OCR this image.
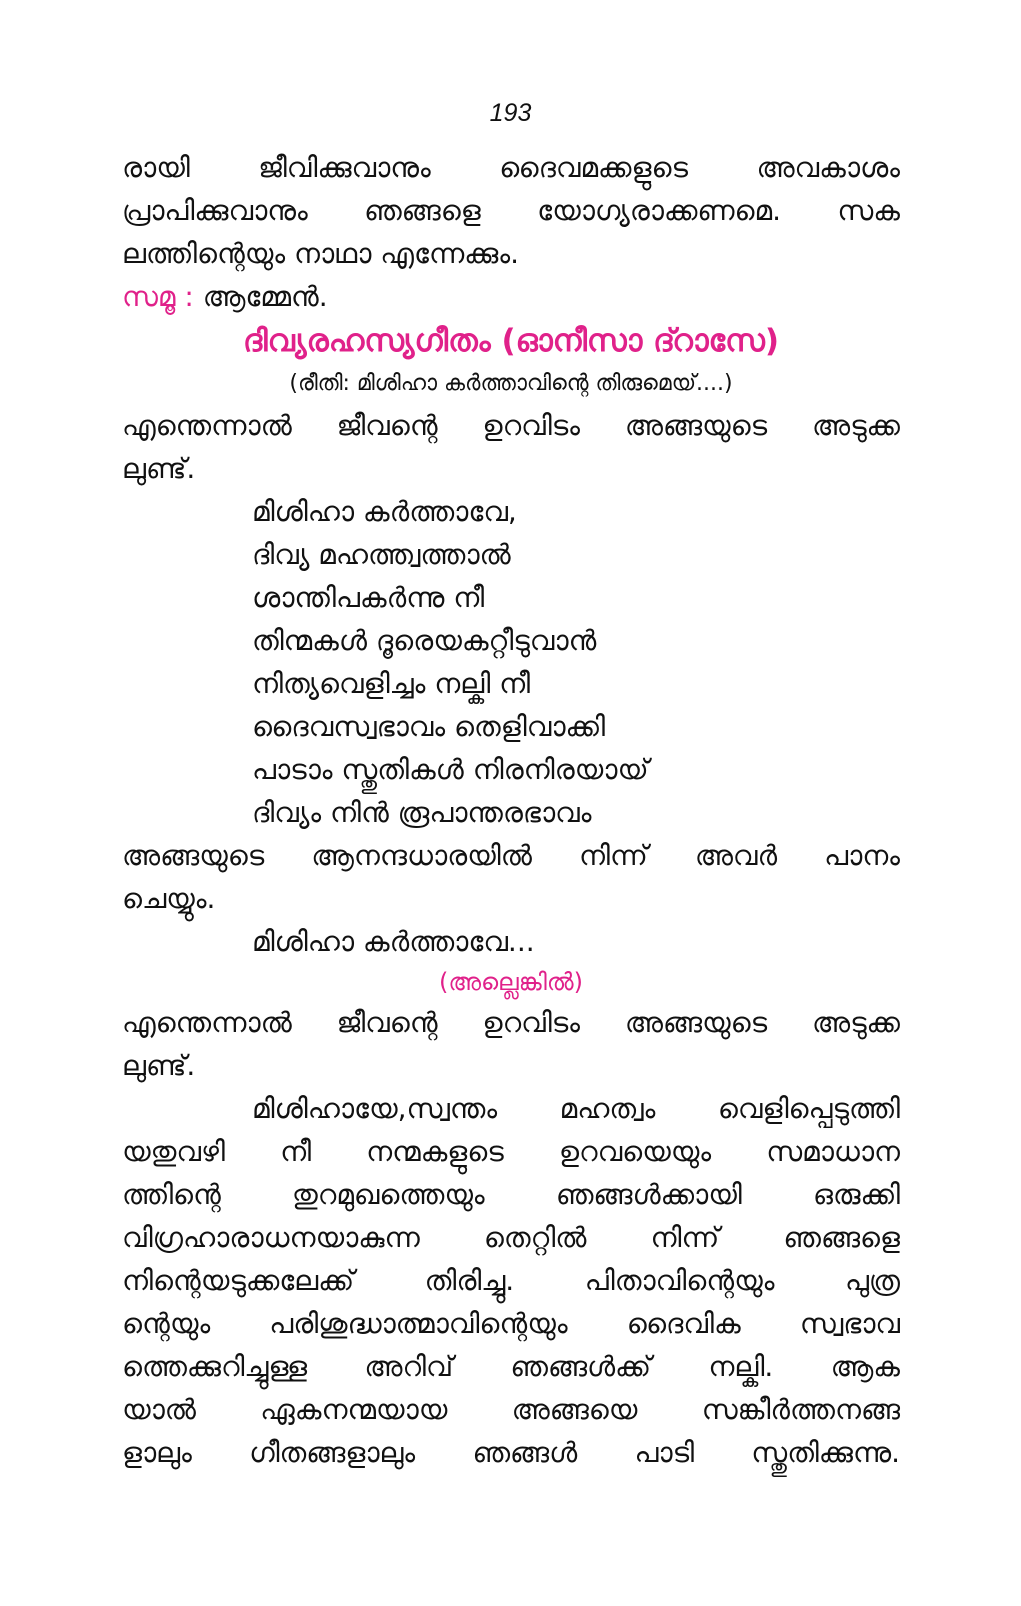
193
രായി ജീവിക്കുവാനും ദൈവമക്കളുടെ അവകാശം
പ്രാപിക്കുവാനും ഞങ്ങളെ യോഗ്യരാക്കണമെ. സക
ലത്തിന്റെയും നാഥാ എന്നേക്കും.
സമൂ : ആമ്മേൻ.
ദിവ്യരഹസ്യഗീതം (ഓനീസാ ദ്റാസേ)
(രീതി: മിശിഹാ കർത്താവിന്റെ തിരുമെയ്....)
എന്തെന്നാൽ ജീവന്റെ ഉറവിടം അങ്ങയുടെ അടുക്ക
ലുണ്ട്.
മിശിഹാ കർത്താവേ,
ദിവ്യ മഹത്ത്വത്താൽ
ശാന്തിപകർന്നു നീ
തിന്മകൾ ദൂരെയകറ്റീടുവാൻ
നിത്യവെളിച്ചം നല്കി നീ
ദൈവസ്വഭാവം തെളിവാക്കി
പാടാം സ്തുതികൾ നിരനിരയായ്
ദിവ്യം നിൻ രൂപാന്തരഭാവം
അങ്ങയുടെ ആനന്ദധാരയിൽ നിന്ന് അവർ പാനം
ചെയ്യും.
മിശിഹാ കർത്താവേ...
(അല്ലെങ്കിൽ)
എന്തെന്നാൽ ജീവന്റെ ഉറവിടം അങ്ങയുടെ അടുക്ക
ലുണ്ട്.
മിശിഹായേ,സ്വന്തം മഹത്വം വെളിപ്പെടുത്തി
യതുവഴി നീ നന്മകളുടെ ഉറവയെയും സമാധാന
ത്തിന്റെ തുറമുഖത്തെയും ഞങ്ങൾക്കായി ഒരുക്കി
വിഗ്രഹാരാധനയാകുന്ന തെറ്റിൽ നിന്ന് ഞങ്ങളെ
നിന്റെയടുക്കലേക്ക് തിരിച്ചു. പിതാവിന്റെയും പുത്ര
ന്റെയും പരിശുദ്ധാത്മാവിന്റെയും ദൈവിക സ്വഭാവ
ത്തെക്കുറിച്ചുള്ള അറിവ് ഞങ്ങൾക്ക് നല്കി. ആക
യാൽ ഏകനന്മയായ അങ്ങയെ സങ്കീർത്തനങ്ങ
ളാലും ഗീതങ്ങളാലും ഞങ്ങൾ പാടി സ്തുതിക്കുന്നു.
